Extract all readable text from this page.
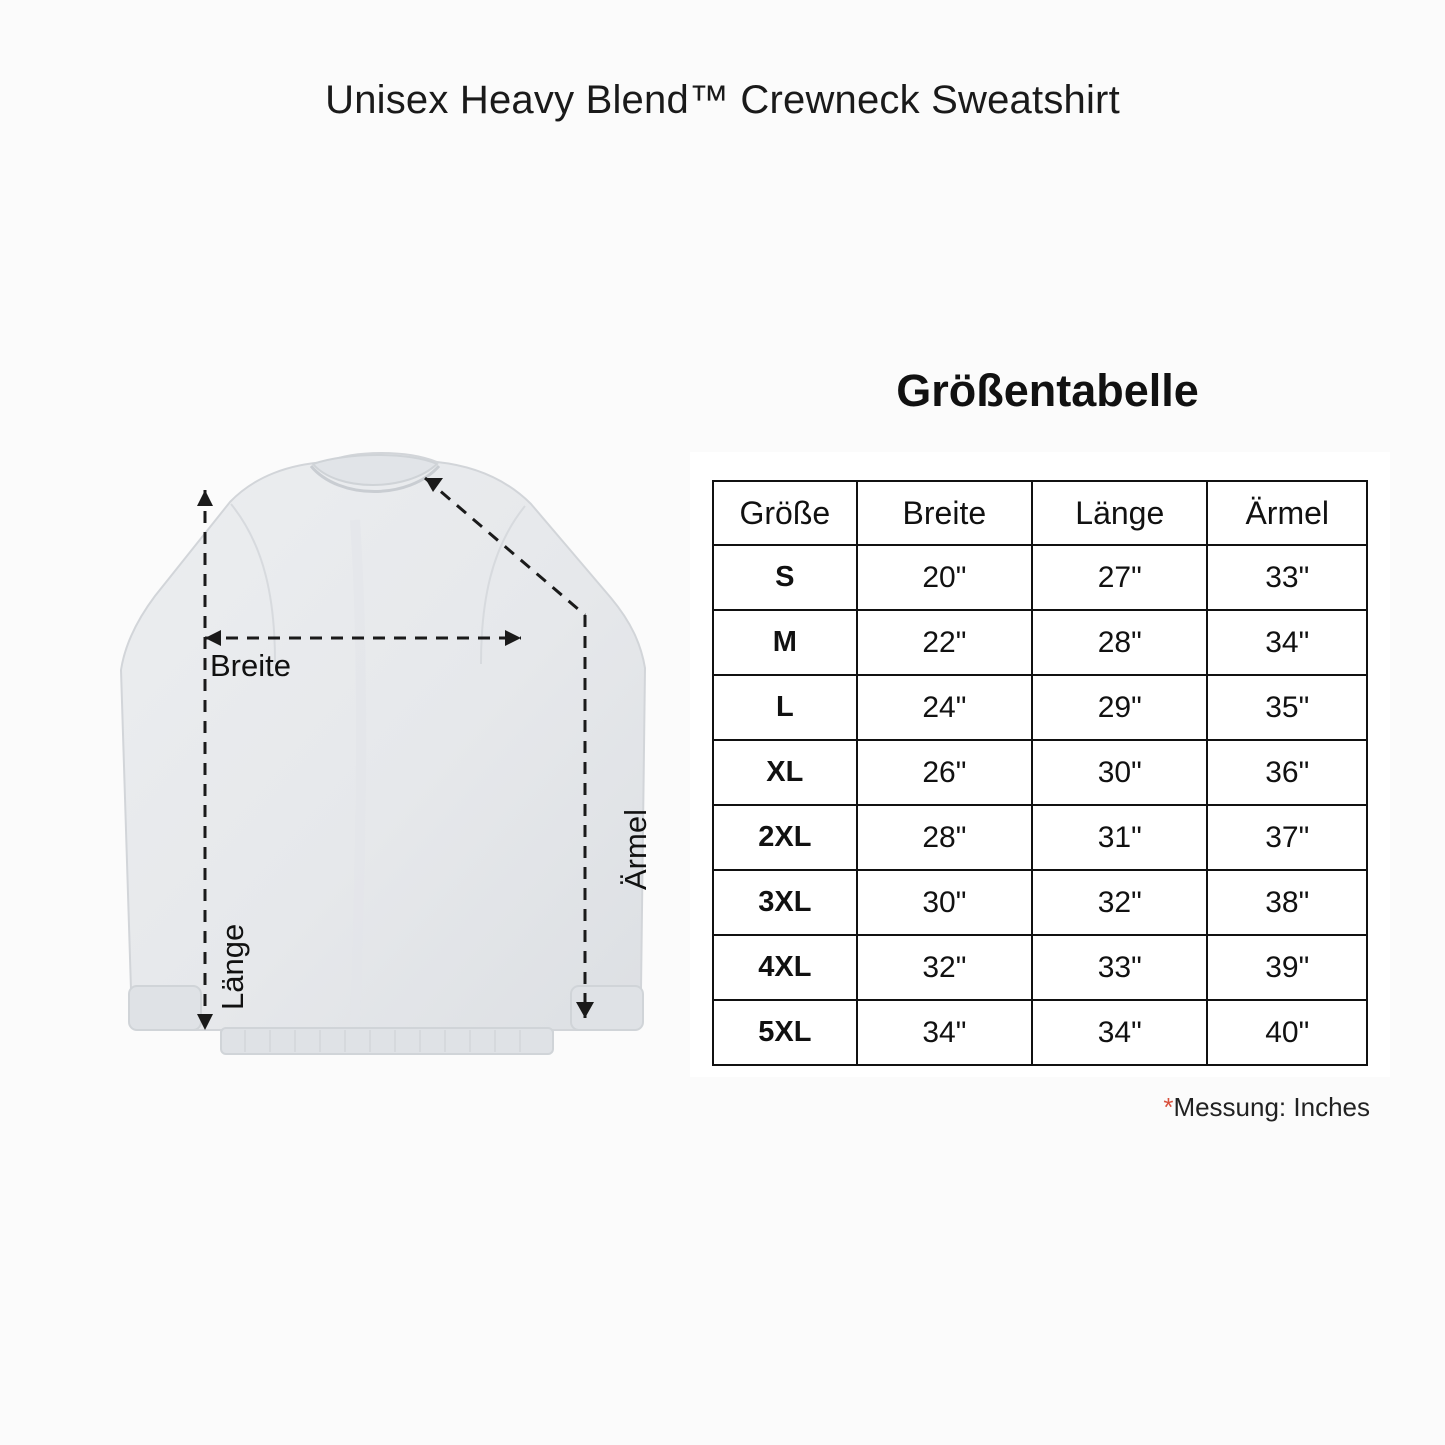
Unisex Heavy Blend™ Crewneck Sweatshirt
Breite
Länge
Ärmel
Größentabelle
Größe	Breite	Länge	Ärmel
S	20"	27"	33"
M	22"	28"	34"
L	24"	29"	35"
XL	26"	30"	36"
2XL	28"	31"	37"
3XL	30"	32"	38"
4XL	32"	33"	39"
5XL	34"	34"	40"
*Messung: Inches
